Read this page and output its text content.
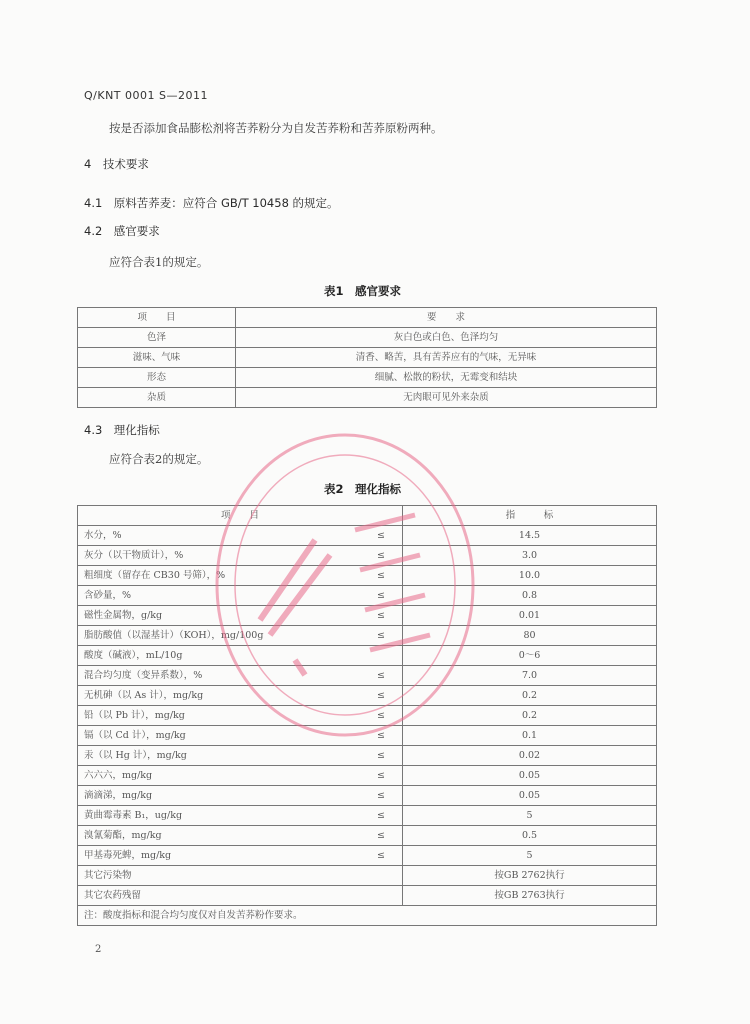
Q/KNT 0001 S—2011
按是否添加食品膨松剂将苦荞粉分为自发苦荞粉和苦荞原粉两种。
4　技术要求
4.1　原料苦荞麦：应符合 GB/T 10458 的规定。
4.2　感官要求
应符合表1的规定。
表1　感官要求
项　　目	要　　求
色泽	灰白色或白色、色泽均匀
滋味、气味	清香、略苦，具有苦荞应有的气味，无异味
形态	细腻、松散的粉状，无霉变和结块
杂质	无肉眼可见外来杂质
4.3　理化指标
应符合表2的规定。
表2　理化指标
项　　目		指　　　标
水分，%	≤	14.5
灰分（以干物质计），%	≤	3.0
粗细度（留存在 CB30 号筛），%	≤	10.0
含砂量，%	≤	0.8
磁性金属物，g/kg	≤	0.01
脂肪酸值（以湿基计）（KOH），mg/100g	≤	80
酸度（碱液），mL/10g		0～6
混合均匀度（变异系数），%	≤	7.0
无机砷（以 As 计），mg/kg	≤	0.2
铅（以 Pb 计），mg/kg	≤	0.2
镉（以 Cd 计），mg/kg	≤	0.1
汞（以 Hg 计），mg/kg	≤	0.02
六六六，mg/kg	≤	0.05
滴滴涕，mg/kg	≤	0.05
黄曲霉毒素 B₁，ug/kg	≤	5
溴氰菊酯，mg/kg	≤	0.5
甲基毒死蜱，mg/kg	≤	5
其它污染物		按GB 2762执行
其它农药残留		按GB 2763执行
注：酸度指标和混合均匀度仅对自发苦荞粉作要求。		
2
